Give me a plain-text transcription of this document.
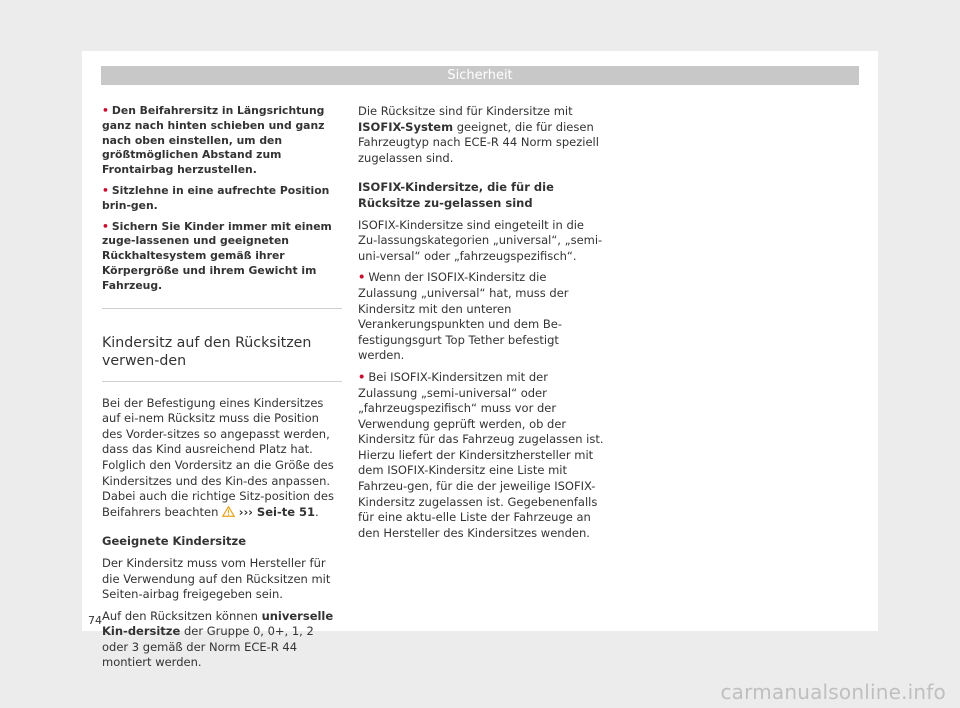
Sicherheit
• Den Beifahrersitz in Längsrichtung ganz nach hinten schieben und ganz nach oben einstellen, um den größtmöglichen Abstand zum Frontairbag herzustellen.
• Sitzlehne in eine aufrechte Position brin-gen.
• Sichern Sie Kinder immer mit einem zuge-lassenen und geeigneten Rückhaltesystem gemäß ihrer Körpergröße und ihrem Gewicht im Fahrzeug.
Kindersitz auf den Rücksitzen verwen-den

Bei der Befestigung eines Kindersitzes auf ei-nem Rücksitz muss die Position des Vorder-sitzes so angepasst werden, dass das Kind ausreichend Platz hat. Folglich den Vordersitz an die Größe des Kindersitzes und des Kin-des anpassen. Dabei auch die richtige Sitz-position des Beifahrers beachten ››› Sei-te 51.

Geeignete Kindersitze

Der Kindersitz muss vom Hersteller für die Verwendung auf den Rücksitzen mit Seiten-airbag freigegeben sein.

Auf den Rücksitzen können universelle Kin-dersitze der Gruppe 0, 0+, 1, 2 oder 3 gemäß der Norm ECE-R 44 montiert werden.

Die Rücksitze sind für Kindersitze mit ISOFIX-System geeignet, die für diesen Fahrzeugtyp nach ECE-R 44 Norm speziell zugelassen sind.

ISOFIX-Kindersitze, die für die Rücksitze zu-gelassen sind

ISOFIX-Kindersitze sind eingeteilt in die Zu-lassungskategorien „universal“, „semi-uni-versal“ oder „fahrzeugspezifisch“.

• Wenn der ISOFIX-Kindersitz die Zulassung „universal“ hat, muss der Kindersitz mit den unteren Verankerungspunkten und dem Be-festigungsgurt Top Tether befestigt werden.
• Bei ISOFIX-Kindersitzen mit der Zulassung „semi-universal“ oder „fahrzeugspezifisch“ muss vor der Verwendung geprüft werden, ob der Kindersitz für das Fahrzeug zugelassen ist. Hierzu liefert der Kindersitzhersteller mit dem ISOFIX-Kindersitz eine Liste mit Fahrzeu-gen, für die der jeweilige ISOFIX-Kindersitz zugelassen ist. Gegebenenfalls für eine aktu-elle Liste der Fahrzeuge an den Hersteller des Kindersitzes wenden.
74
carmanualsonline.info
